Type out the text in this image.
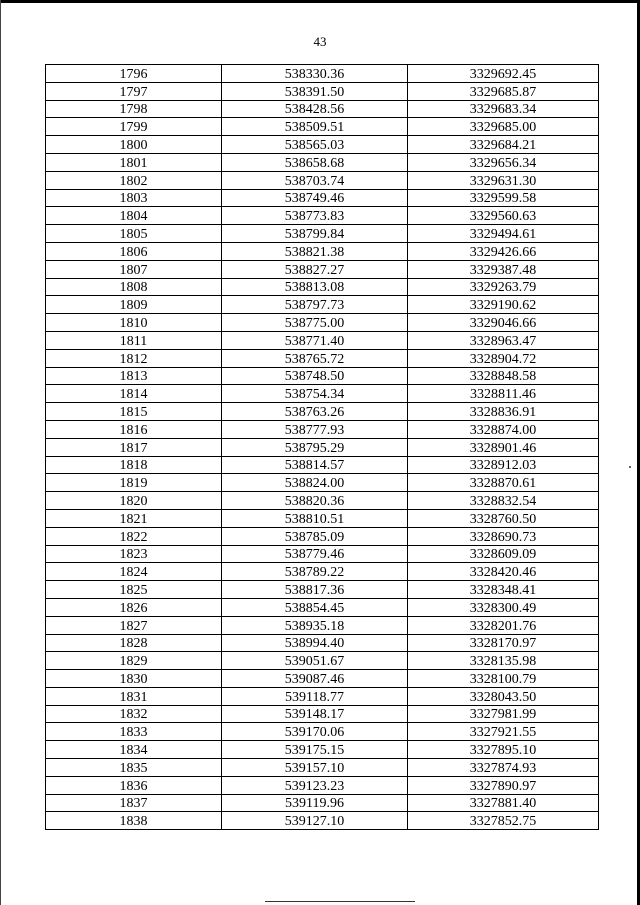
43
1796	538330.36	3329692.45
1797	538391.50	3329685.87
1798	538428.56	3329683.34
1799	538509.51	3329685.00
1800	538565.03	3329684.21
1801	538658.68	3329656.34
1802	538703.74	3329631.30
1803	538749.46	3329599.58
1804	538773.83	3329560.63
1805	538799.84	3329494.61
1806	538821.38	3329426.66
1807	538827.27	3329387.48
1808	538813.08	3329263.79
1809	538797.73	3329190.62
1810	538775.00	3329046.66
1811	538771.40	3328963.47
1812	538765.72	3328904.72
1813	538748.50	3328848.58
1814	538754.34	3328811.46
1815	538763.26	3328836.91
1816	538777.93	3328874.00
1817	538795.29	3328901.46
1818	538814.57	3328912.03
1819	538824.00	3328870.61
1820	538820.36	3328832.54
1821	538810.51	3328760.50
1822	538785.09	3328690.73
1823	538779.46	3328609.09
1824	538789.22	3328420.46
1825	538817.36	3328348.41
1826	538854.45	3328300.49
1827	538935.18	3328201.76
1828	538994.40	3328170.97
1829	539051.67	3328135.98
1830	539087.46	3328100.79
1831	539118.77	3328043.50
1832	539148.17	3327981.99
1833	539170.06	3327921.55
1834	539175.15	3327895.10
1835	539157.10	3327874.93
1836	539123.23	3327890.97
1837	539119.96	3327881.40
1838	539127.10	3327852.75
